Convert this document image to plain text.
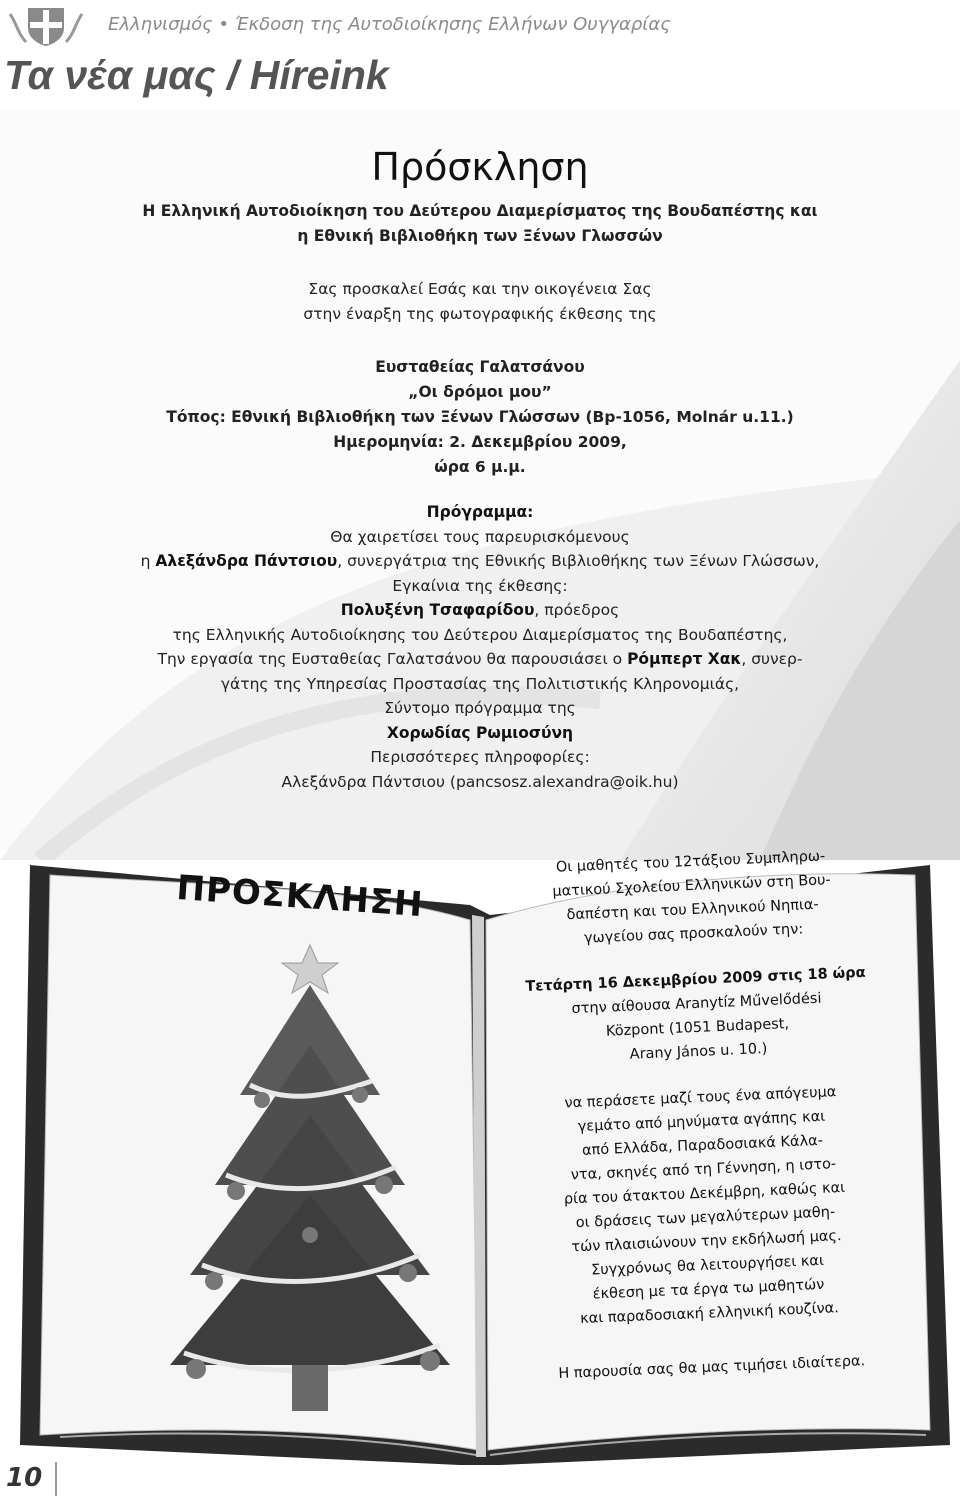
Ελληνισμός • Έκδοση της Αυτοδιοίκησης Ελλήνων Ουγγαρίας
Τα νέα μας / Híreink
Πρόσκληση
Η Ελληνική Αυτοδιοίκηση του Δεύτερου Διαμερίσματος της Βουδαπέστης και
η Εθνική Βιβλιοθήκη των Ξένων Γλωσσών
Σας προσκαλεί Εσάς και την οικογένεια Σας
στην έναρξη της φωτογραφικής έκθεσης της
Ευσταθείας Γαλατσάνου
„Οι δρόμοι μου”
Τόπος: Εθνική Βιβλιοθήκη των Ξένων Γλώσσων (Bp-1056, Molnár u.11.)
Ημερομηνία: 2. Δεκεμβρίου 2009,
ώρα 6 μ.μ.
Πρόγραμμα:
Θα χαιρετίσει τους παρευρισκόμενους
η Αλεξάνδρα Πάντσιου, συνεργάτρια της Εθνικής Βιβλιοθήκης των Ξένων Γλώσσων,
Εγκαίνια της έκθεσης:
Πολυξένη Τσαφαρίδου, πρόεδρος
της Ελληνικής Αυτοδιοίκησης του Δεύτερου Διαμερίσματος της Βουδαπέστης,
Την εργασία της Ευσταθείας Γαλατσάνου θα παρουσιάσει ο Ρόμπερτ Χακ, συνερ-
γάτης της Υπηρεσίας Προστασίας της Πολιτιστικής Κληρονομιάς,
Σύντομο πρόγραμμα της
Χορωδίας Ρωμιοσύνη
Περισσότερες πληροφορίες:
Αλεξάνδρα Πάντσιου (pancsosz.alexandra@oik.hu)
ΠΡΟΣΚΛΗΣΗ
Οι μαθητές του 12τάξιου Συμπληρω-
ματικού Σχολείου Ελληνικών στη Βου-
δαπέστη και του Ελληνικού Νηπια-
γωγείου σας προσκαλούν την:
Τετάρτη 16 Δεκεμβρίου 2009 στις 18 ώρα
στην αίθουσα Aranytíz Művelődési
Központ (1051 Budapest,
Arany János u. 10.)
να περάσετε μαζί τους ένα απόγευμα
γεμάτο από μηνύματα αγάπης και
από Ελλάδα, Παραδοσιακά Κάλα-
ντα, σκηνές από τη Γέννηση, η ιστο-
ρία του άτακτου Δεκέμβρη, καθώς και
οι δράσεις των μεγαλύτερων μαθη-
τών πλαισιώνουν την εκδήλωσή μας.
Συγχρόνως θα λειτουργήσει και
έκθεση με τα έργα τω μαθητών
και παραδοσιακή ελληνική κουζίνα.
Η παρουσία σας θα μας τιμήσει ιδιαίτερα.
10
